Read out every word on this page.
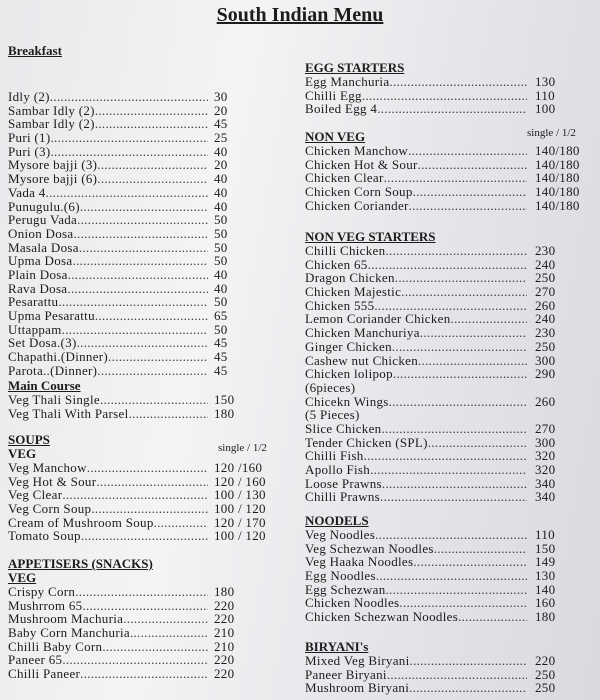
South Indian Menu
Breakfast
Idly (2).. .....	30
Sambar Idly (2) .....	20
Sambar Idly (2) .....	45
Puri (1) .....	25
Puri (3) .....	40
Mysore bajji (3) .....	20
Mysore bajji (6) .....	40
Vada 4 .....	40
Punugulu.(6) .....	40
Perugu Vada .....	50
Onion Dosa .....	50
Masala Dosa .....	50
Upma Dosa .....	50
Plain Dosa .....	40
Rava Dosa .....	40
Pesarattu .....	50
Upma Pesarattu .....	65
Uttappam .....	50
Set Dosa.(3) .....	45
Chapathi.(Dinner) .....	45
Parota..(Dinner) .....	45
Main Course
Veg Thali Single .....	150
Veg Thali With Parsel .....	180
SOUPS
VEG	single / 1/2
Veg Manchow .....	120 /160
Veg Hot & Sour .....	120 / 160
Veg Clear .....	100 / 130
Veg Corn Soup .....	100 / 120
Cream of Mushroom Soup .....	120 / 170
Tomato Soup .....	100 / 120
APPETISERS (SNACKS)
VEG
Crispy Corn .....	180
Mushrrom 65 .....	220
Mushroom Machuria .....	220
Baby Corn Manchuria .....	210
Chilli Baby Corn .....	210
Paneer 65 .....	220
Chilli Paneer .....	220
EGG STARTERS
Egg Manchuria .....	130
Chilli Egg .....	110
Boiled Egg 4 .....	100
NON VEG	single / 1/2
Chicken Manchow .....	140/180
Chicken Hot & Sour .....	140/180
Chicken Clear .....	140/180
Chicken Corn Soup .....	140/180
Chicken Coriander .....	140/180
NON VEG STARTERS
Chilli Chicken .....	230
Chicken 65 .....	240
Dragon Chicken .....	250
Chicken Majestic .....	270
Chicken 555 .....	260
Lemon Coriander Chicken .....	240
Chicken Manchuriya .....	230
Ginger Chicken .....	250
Cashew nut Chicken .....	300
Chicken lolipop .....	290
(6pieces)
Chicekn Wings .....	260
(5 Pieces)
Slice Chicken .....	270
Tender Chicken (SPL) .....	300
Chilli Fish .....	320
Apollo Fish .....	320
Loose Prawns .....	340
Chilli Prawns .....	340
NOODELS
Veg Noodles .....	110
Veg Schezwan Noodles .....	150
Veg Haaka Noodles .....	149
Egg Noodles .....	130
Egg Schezwan .....	140
Chicken Noodles .....	160
Chicken Schezwan Noodles .....	180
BIRYANI's
Mixed Veg Biryani .....	220
Paneer Biryani .....	250
Mushroom Biryani .....	250
